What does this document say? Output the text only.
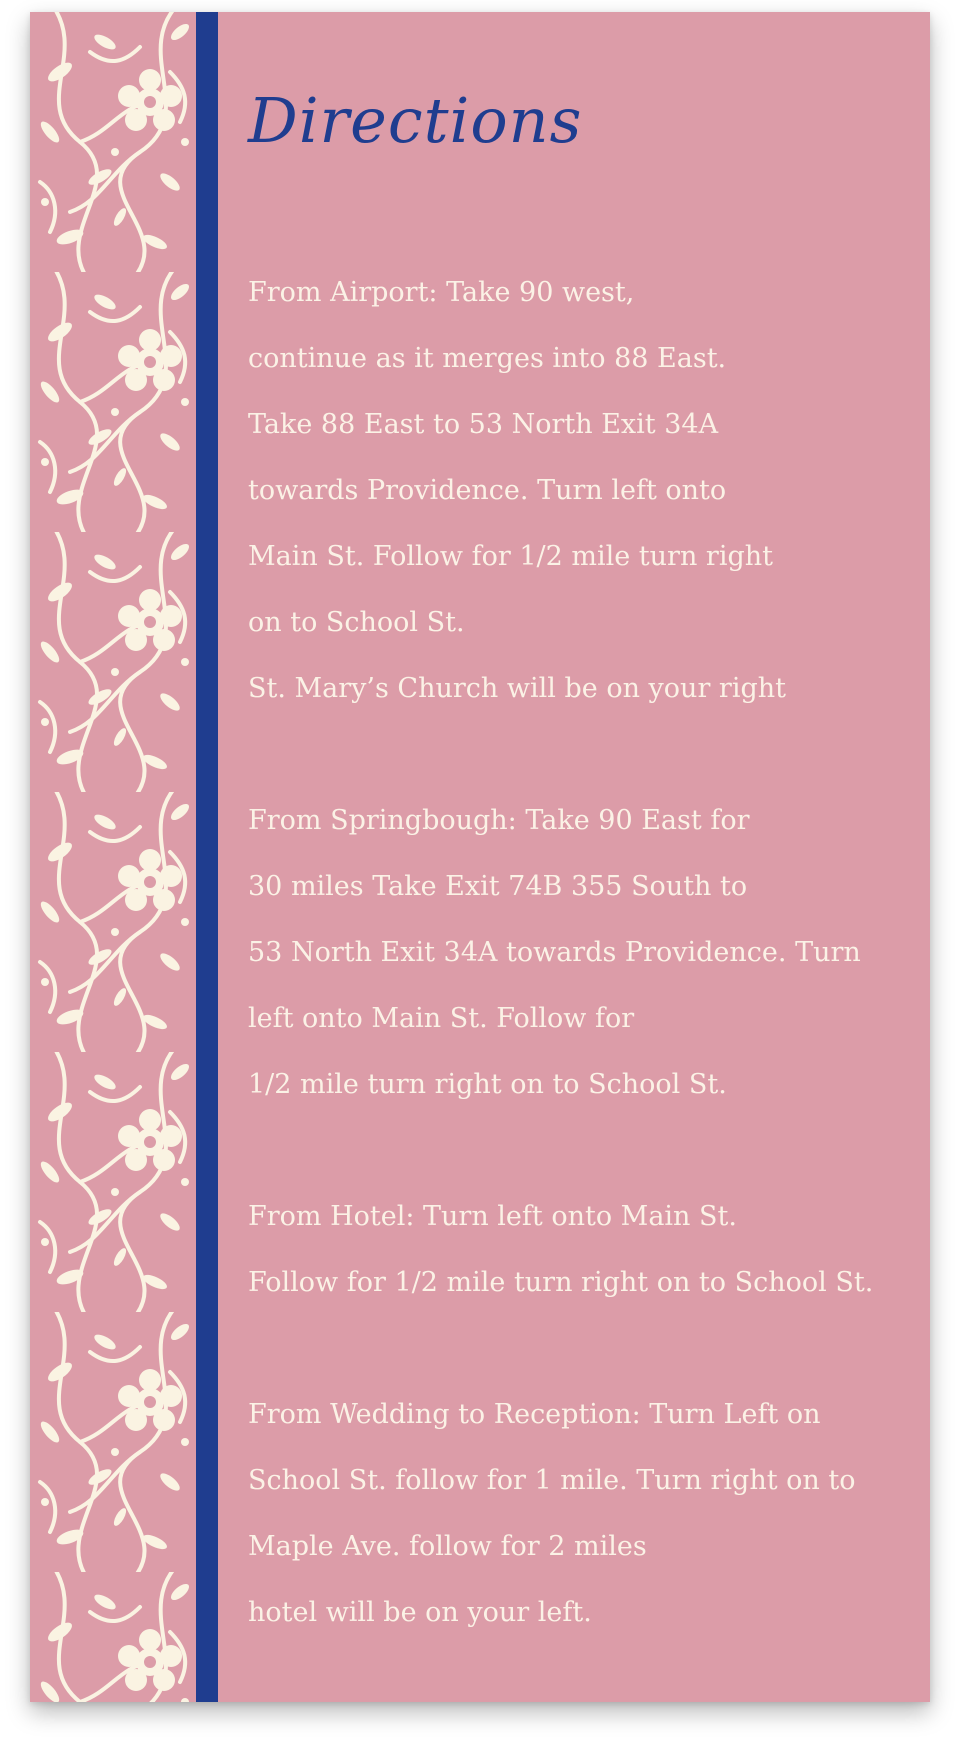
Directions
From Airport: Take 90 west,
continue as it merges into 88 East.
Take 88 East to 53 North Exit 34A
towards Providence. Turn left onto
Main St. Follow for 1/2 mile turn right
on to School St.
St. Mary’s Church will be on your right
From Springbough: Take 90 East for
30 miles Take Exit 74B 355 South to
53 North Exit 34A towards Providence. Turn
left onto Main St. Follow for
1/2 mile turn right on to School St.
From Hotel: Turn left onto Main St.
Follow for 1/2 mile turn right on to School St.
From Wedding to Reception: Turn Left on
School St. follow for 1 mile. Turn right on to
Maple Ave. follow for 2 miles
hotel will be on your left.
